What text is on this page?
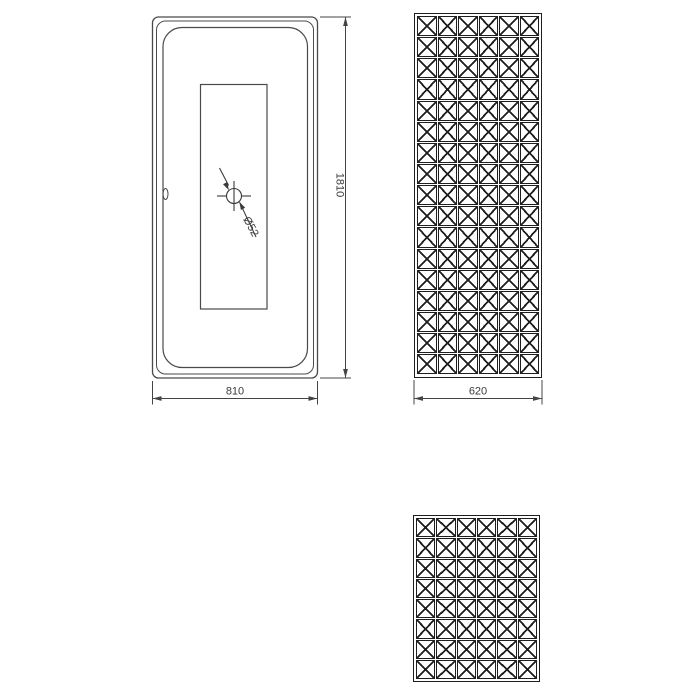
Ø52
810
1810
620
